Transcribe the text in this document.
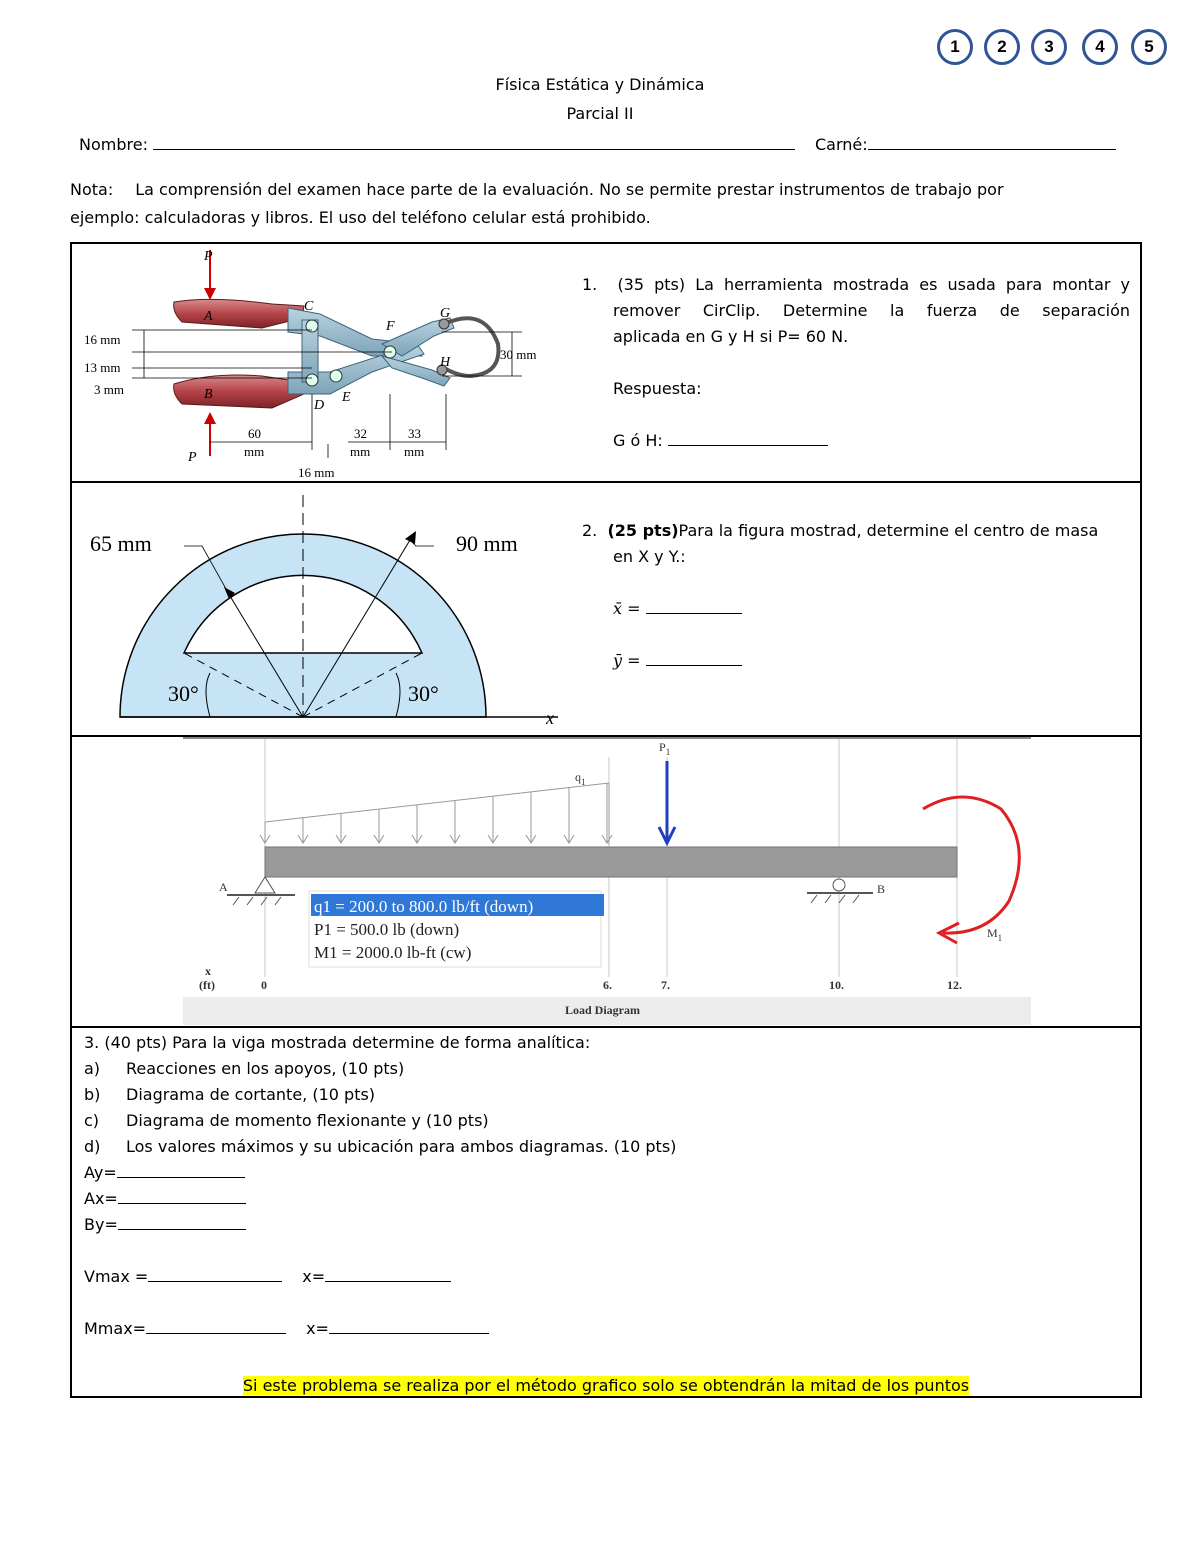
1	2	3	4	5
Física Estática y Dinámica
Parcial II
Nombre:	Carné:
Nota: La comprensión del examen hace parte de la evaluación. No se permite prestar instrumentos de trabajo por
ejemplo: calculadoras y libros. El uso del teléfono celular está prohibido.
P
A
B
C
D
E
F
G
H
P
16 mm
13 mm
3 mm
30 mm
60
mm
32
mm
33
mm
16 mm
1. (35 pts) La herramienta mostrada es usada para montar y
remover CirClip. Determine la fuerza de separación
aplicada en G y H si P= 60 N.
Respuesta:
G ó H:
65 mm	90 mm
30°	30°
x
2. (25 pts)Para la figura mostrad, determine el centro de masa
en X y Y.:
x̄ =
ȳ =
q1 = 200.0 to 800.0 lb/ft (down)
P1 = 500.0 lb (down)
M1 = 2000.0 lb-ft (cw)
$P_1$
$q_1$
A	B
$M_1$
x
(ft)	0	6.	7.	10.	12.
Load Diagram
3. (40 pts) Para la viga mostrada determine de forma analítica:
a) Reacciones en los apoyos, (10 pts)
b) Diagrama de cortante, (10 pts)
c) Diagrama de momento flexionante y (10 pts)
d) Los valores máximos y su ubicación para ambos diagramas. (10 pts)
Ay=
Ax=
By=
Vmax =	x=
Mmax=	x=
Si este problema se realiza por el método grafico solo se obtendrán la mitad de los puntos
